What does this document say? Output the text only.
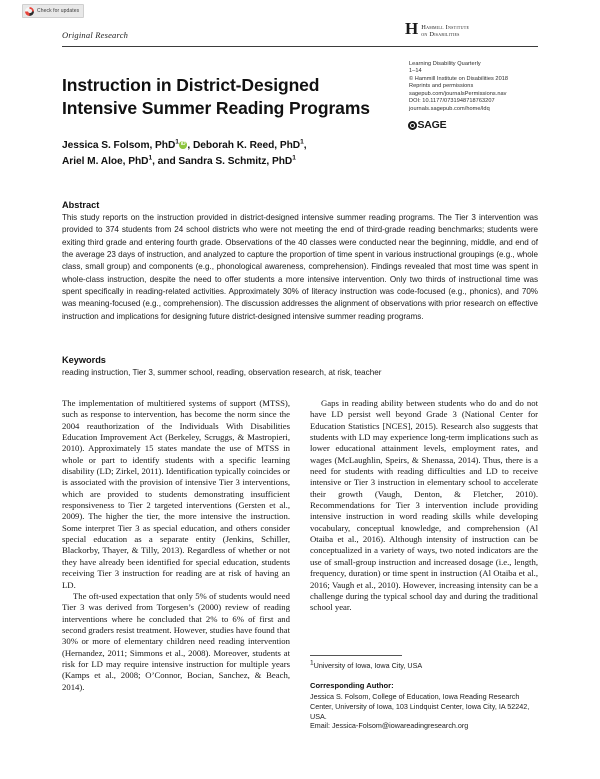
Check for updates
Original Research	H Hammill Institute
on Disabilities
Learning Disability Quarterly
1–14
© Hammill Institute on Disabilities 2018
Reprints and permissions
sagepub.com/journalsPermissions.nav
DOI: 10.1177/0731948718763207
journals.sagepub.com/home/ldq
SAGE
Instruction in District-Designed Intensive Summer Reading Programs
Jessica S. Folsom, PhD$^1$ iD , Deborah K. Reed, PhD$^1$,
Ariel M. Aloe, PhD$^1$, and Sandra S. Schmitz, PhD$^1$
Abstract
This study reports on the instruction provided in district-designed intensive summer reading programs. The Tier 3 intervention was provided to 374 students from 24 school districts who were not meeting the end of third-grade reading benchmarks; students were exiting third grade and entering fourth grade. Observations of the 40 classes were conducted near the beginning, middle, and end of the average 23 days of instruction, and analyzed to capture the proportion of time spent in various instructional groupings (e.g., whole class, small group) and components (e.g., phonological awareness, comprehension). Findings revealed that most time was spent in whole-class instruction, despite the need to offer students a more intensive intervention. Only two thirds of instructional time was spent specifically in reading-related activities. Approximately 30% of literacy instruction was code-focused (e.g., phonics), and 70% was meaning-focused (e.g., comprehension). The discussion addresses the alignment of observations with prior research on effective instruction and implications for designing future district-designed intensive summer reading programs.
Keywords
reading instruction, Tier 3, summer school, reading, observation research, at risk, teacher

The implementation of multitiered systems of support (MTSS), such as response to intervention, has become the norm since the 2004 reauthorization of the Individuals With Disabilities Education Improvement Act (Berkeley, Scruggs, & Mastropieri, 2010). Approximately 15 states mandate the use of MTSS in whole or part to identify students with a specific learning disability (LD; Zirkel, 2011). Identification typically coincides or is associated with the provision of intensive Tier 3 interventions, which are provided to students demonstrating insufficient responsiveness to Tier 2 targeted interventions (Gersten et al., 2009). The higher the tier, the more intensive the instruction. Some interpret Tier 3 as special education, and others consider special education as a separate entity (Jenkins, Schiller, Blackorby, Thayer, & Tilly, 2013). Regardless of whether or not they have already been identified for special education, students receiving Tier 3 instruction for reading are at risk of having an LD.

The oft-used expectation that only 5% of students would need Tier 3 was derived from Torgesen’s (2000) review of reading interventions where he concluded that 2% to 6% of first and second graders resist treatment. However, studies have found that 30% or more of elementary children need reading intervention (Hernandez, 2011; Simmons et al., 2008). Moreover, students at risk for LD may require intensive instruction for multiple years (Kamps et al., 2008; O’Connor, Bocian, Sanchez, & Beach, 2014).

Gaps in reading ability between students who do and do not have LD persist well beyond Grade 3 (National Center for Education Statistics [NCES], 2015). Research also suggests that students with LD may experience long-term implications such as lower educational attainment levels, employment rates, and wages (McLaughlin, Speirs, & Shenassa, 2014). Thus, there is a need for students with reading difficulties and LD to receive intensive or Tier 3 instruction in elementary school to accelerate their growth (Vaugh, Denton, & Fletcher, 2010). Recommendations for Tier 3 intervention include providing intensive instruction in word reading skills while developing vocabulary, conceptual knowledge, and comprehension (Al Otaiba et al., 2016). Although intensity of instruction can be conceptualized in a variety of ways, two noted indicators are the use of small-group instruction and increased dosage (i.e., length, frequency, duration) or time spent in instruction (Al Otaiba et al., 2016; Vaugh et al., 2010). However, increasing intensity can be a challenge during the typical school day and during the traditional school year.

1University of Iowa, Iowa City, USA
Corresponding Author:
Jessica S. Folsom, College of Education, Iowa Reading Research Center, University of Iowa, 103 Lindquist Center, Iowa City, IA 52242, USA.
Email: Jessica-Folsom@iowareadingresearch.org
